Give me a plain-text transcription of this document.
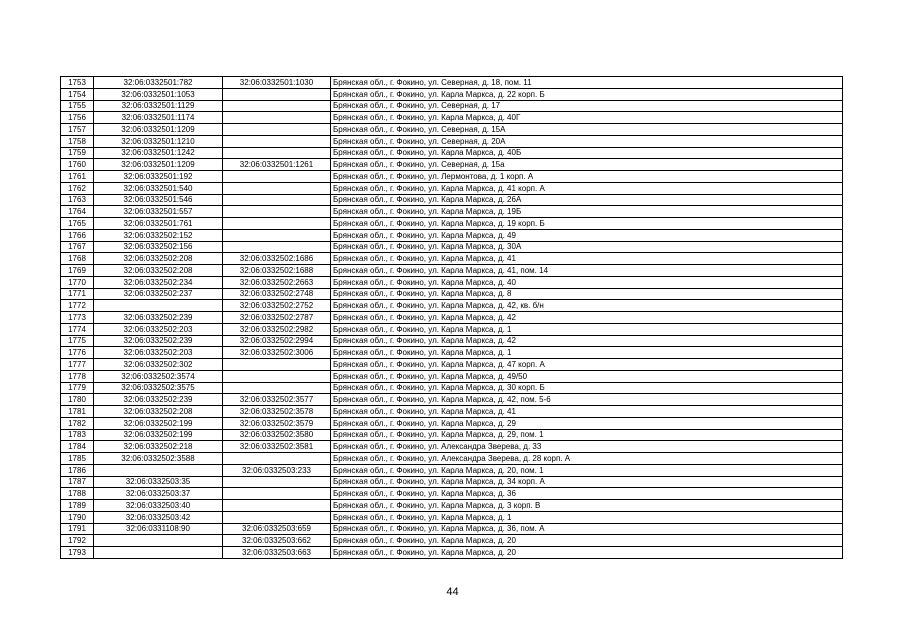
1753	32:06:0332501:782	32:06:0332501:1030	Брянская обл., г. Фокино, ул. Северная, д. 18, пом. 11
1754	32:06:0332501:1053		Брянская обл., г. Фокино, ул. Карла Маркса, д. 22 корп. Б
1755	32:06:0332501:1129		Брянская обл., г. Фокино, ул. Северная, д. 17
1756	32:06:0332501:1174		Брянская обл., г. Фокино, ул. Карла Маркса, д. 40Г
1757	32:06:0332501:1209		Брянская обл., г. Фокино, ул. Северная, д. 15А
1758	32:06:0332501:1210		Брянская обл., г. Фокино, ул. Северная, д. 20А
1759	32:06:0332501:1242		Брянская обл., г. Фокино, ул. Карла Маркса, д. 40Б
1760	32:06:0332501:1209	32:06:0332501:1261	Брянская обл., г. Фокино, ул. Северная, д. 15а
1761	32:06:0332501:192		Брянская обл., г. Фокино, ул. Лермонтова, д. 1 корп. А
1762	32:06:0332501:540		Брянская обл., г. Фокино, ул. Карла Маркса, д. 41 корп. А
1763	32:06:0332501:546		Брянская обл., г. Фокино, ул. Карла Маркса, д. 26А
1764	32:06:0332501:557		Брянская обл., г. Фокино, ул. Карла Маркса, д. 19Б
1765	32:06:0332501:761		Брянская обл., г. Фокино, ул. Карла Маркса, д. 19 корп. Б
1766	32:06:0332502:152		Брянская обл., г. Фокино, ул. Карла Маркса, д. 49
1767	32:06:0332502:156		Брянская обл., г. Фокино, ул. Карла Маркса, д. 30А
1768	32:06:0332502:208	32:06:0332502:1686	Брянская обл., г. Фокино, ул. Карла Маркса, д. 41
1769	32:06:0332502:208	32:06:0332502:1688	Брянская обл., г. Фокино, ул. Карла Маркса, д. 41, пом. 14
1770	32:06:0332502:234	32:06:0332502:2663	Брянская обл., г. Фокино, ул. Карла Маркса, д. 40
1771	32:06:0332502:237	32:06:0332502:2748	Брянская обл., г. Фокино, ул. Карла Маркса, д. 8
1772		32:06:0332502:2752	Брянская обл., г. Фокино, ул. Карла Маркса, д. 42, кв. б/н
1773	32:06:0332502:239	32:06:0332502:2787	Брянская обл., г. Фокино, ул. Карла Маркса, д. 42
1774	32:06:0332502:203	32:06:0332502:2982	Брянская обл., г. Фокино, ул. Карла Маркса, д. 1
1775	32:06:0332502:239	32:06:0332502:2994	Брянская обл., г. Фокино, ул. Карла Маркса, д. 42
1776	32:06:0332502:203	32:06:0332502:3006	Брянская обл., г. Фокино, ул. Карла Маркса, д. 1
1777	32:06:0332502:302		Брянская обл., г. Фокино, ул. Карла Маркса, д. 47 корп. А
1778	32:06:0332502:3574		Брянская обл., г. Фокино, ул. Карла Маркса, д. 49/50
1779	32:06:0332502:3575		Брянская обл., г. Фокино, ул. Карла Маркса, д. 30 корп. Б
1780	32:06:0332502:239	32:06:0332502:3577	Брянская обл., г. Фокино, ул. Карла Маркса, д. 42, пом. 5-6
1781	32:06:0332502:208	32:06:0332502:3578	Брянская обл., г. Фокино, ул. Карла Маркса, д. 41
1782	32:06:0332502:199	32:06:0332502:3579	Брянская обл., г. Фокино, ул. Карла Маркса, д. 29
1783	32:06:0332502:199	32:06:0332502:3580	Брянская обл., г. Фокино, ул. Карла Маркса, д. 29, пом. 1
1784	32:06:0332502:218	32:06:0332502:3581	Брянская обл., г. Фокино, ул. Александра Зверева, д. 33
1785	32:06:0332502:3588		Брянская обл., г. Фокино, ул. Александра Зверева, д. 28 корп. А
1786		32:06:0332503:233	Брянская обл., г. Фокино, ул. Карла Маркса, д. 20, пом. 1
1787	32:06:0332503:35		Брянская обл., г. Фокино, ул. Карла Маркса, д. 34 корп. А
1788	32:06:0332503:37		Брянская обл., г. Фокино, ул. Карла Маркса, д. 36
1789	32:06:0332503:40		Брянская обл., г. Фокино, ул. Карла Маркса, д. 3 корп. В
1790	32:06:0332503:42		Брянская обл., г. Фокино, ул. Карла Маркса, д. 1
1791	32:06:0331108:90	32:06:0332503:659	Брянская обл., г. Фокино, ул. Карла Маркса, д. 36, пом. А
1792		32:06:0332503:662	Брянская обл., г. Фокино, ул. Карла Маркса, д. 20
1793		32:06:0332503:663	Брянская обл., г. Фокино, ул. Карла Маркса, д. 20
44
